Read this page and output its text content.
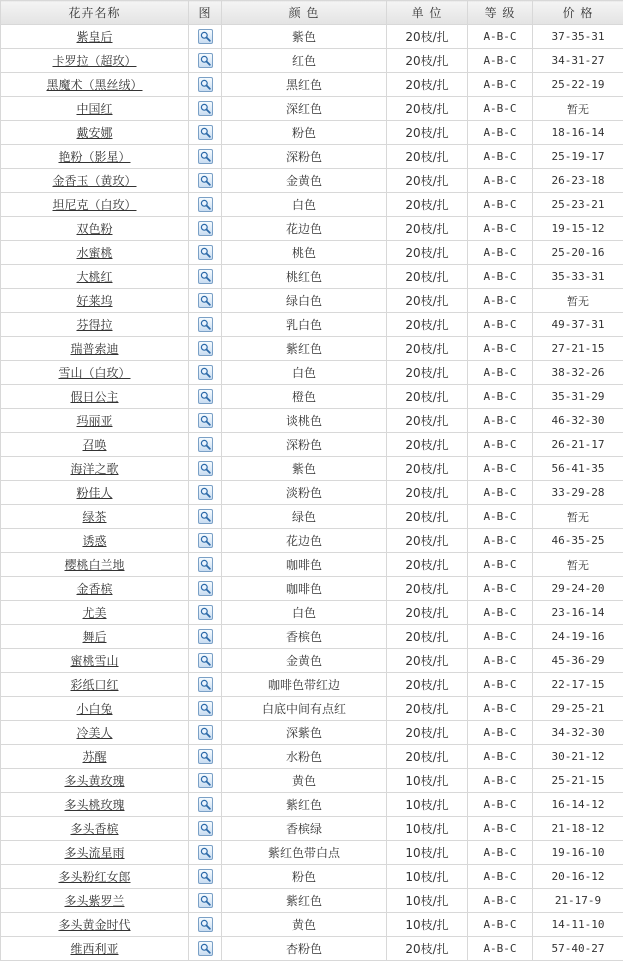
花卉名称	图	颜 色	单 位	等 级	价 格
紫皇后		紫色	20枝/扎	A-B-C	37-35-31
卡罗拉（超玫）		红色	20枝/扎	A-B-C	34-31-27
黑魔术（黑丝绒）		黑红色	20枝/扎	A-B-C	25-22-19
中国红		深红色	20枝/扎	A-B-C	暂无
戴安娜		粉色	20枝/扎	A-B-C	18-16-14
艳粉（影星）		深粉色	20枝/扎	A-B-C	25-19-17
金香玉（黄玫）		金黄色	20枝/扎	A-B-C	26-23-18
坦尼克（白玫）		白色	20枝/扎	A-B-C	25-23-21
双色粉		花边色	20枝/扎	A-B-C	19-15-12
水蜜桃		桃色	20枝/扎	A-B-C	25-20-16
大桃红		桃红色	20枝/扎	A-B-C	35-33-31
好莱坞		绿白色	20枝/扎	A-B-C	暂无
芬得拉		乳白色	20枝/扎	A-B-C	49-37-31
瑞普索迪		紫红色	20枝/扎	A-B-C	27-21-15
雪山（白玫）		白色	20枝/扎	A-B-C	38-32-26
假日公主		橙色	20枝/扎	A-B-C	35-31-29
玛丽亚		谈桃色	20枝/扎	A-B-C	46-32-30
召唤		深粉色	20枝/扎	A-B-C	26-21-17
海洋之歌		紫色	20枝/扎	A-B-C	56-41-35
粉佳人		淡粉色	20枝/扎	A-B-C	33-29-28
绿茶		绿色	20枝/扎	A-B-C	暂无
诱惑		花边色	20枝/扎	A-B-C	46-35-25
樱桃白兰地		咖啡色	20枝/扎	A-B-C	暂无
金香槟		咖啡色	20枝/扎	A-B-C	29-24-20
尤美		白色	20枝/扎	A-B-C	23-16-14
舞后		香槟色	20枝/扎	A-B-C	24-19-16
蜜桃雪山		金黄色	20枝/扎	A-B-C	45-36-29
彩纸口红		咖啡色带红边	20枝/扎	A-B-C	22-17-15
小白兔		白底中间有点红	20枝/扎	A-B-C	29-25-21
冷美人		深紫色	20枝/扎	A-B-C	34-32-30
苏醒		水粉色	20枝/扎	A-B-C	30-21-12
多头黄玫瑰		黄色	10枝/扎	A-B-C	25-21-15
多头桃玫瑰		紫红色	10枝/扎	A-B-C	16-14-12
多头香槟		香槟绿	10枝/扎	A-B-C	21-18-12
多头流星雨		紫红色带白点	10枝/扎	A-B-C	19-16-10
多头粉红女郎		粉色	10枝/扎	A-B-C	20-16-12
多头紫罗兰		紫红色	10枝/扎	A-B-C	21-17-9
多头黄金时代		黄色	10枝/扎	A-B-C	14-11-10
维西利亚		杏粉色	20枝/扎	A-B-C	57-40-27
